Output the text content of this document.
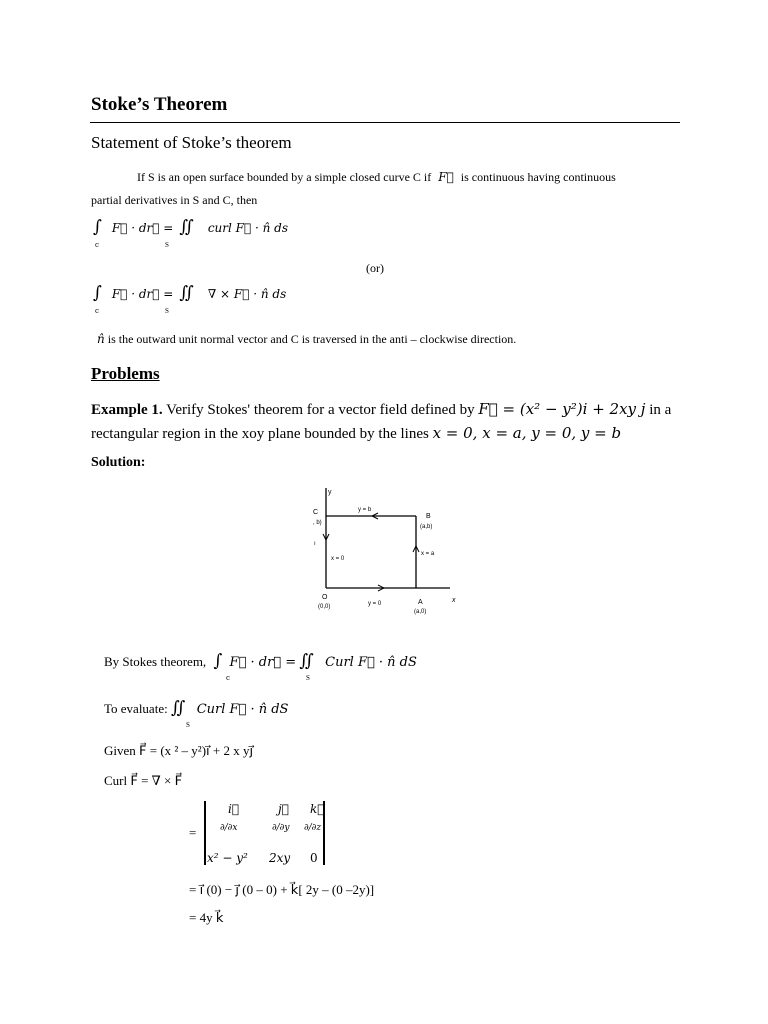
Stoke’s Theorem
Statement of Stoke’s theorem
If S is an open surface bounded by a simple closed curve C if F⃗ is continuous having continuous
partial derivatives in S and C, then
∫ F⃗ · dr⃗ = ∬ curl F⃗ · n̂ ds
c	S
(or)
∫ F⃗ · dr⃗ = ∬ ∇ × F⃗ · n̂ ds
c	S
n̂ is the outward unit normal vector and C is traversed in the anti – clockwise direction.
Problems
Example 1. Verify Stokes' theorem for a vector field defined by F⃗ = (x² − y²)i + 2xy j in a
rectangular region in the xoy plane bounded by the lines x = 0, x = a, y = 0, y = b
Solution:
y
x
C
, b)
ı
B
(a,b)
O
(0,0)
A
(a,0)
y = b
y = 0
x = 0
x = a
By Stokes theorem, ∫ F⃗ · dr⃗ = ∬ Curl F⃗ · n̂ dS
c	S
To evaluate: ∬ Curl F⃗ · n̂ dS
S
Given F⃗ = (x ² – y²)i⃗ + 2 x yj⃗
Curl F⃗ = ∇ × F⃗
=
i⃗	j⃗ k⃗
∂/∂x	∂/∂y ∂/∂z
x² − y² 2xy 0
= i⃗ (0) − j⃗ (0 – 0) + k⃗[ 2y – (0 –2y)]
= 4y k⃗
